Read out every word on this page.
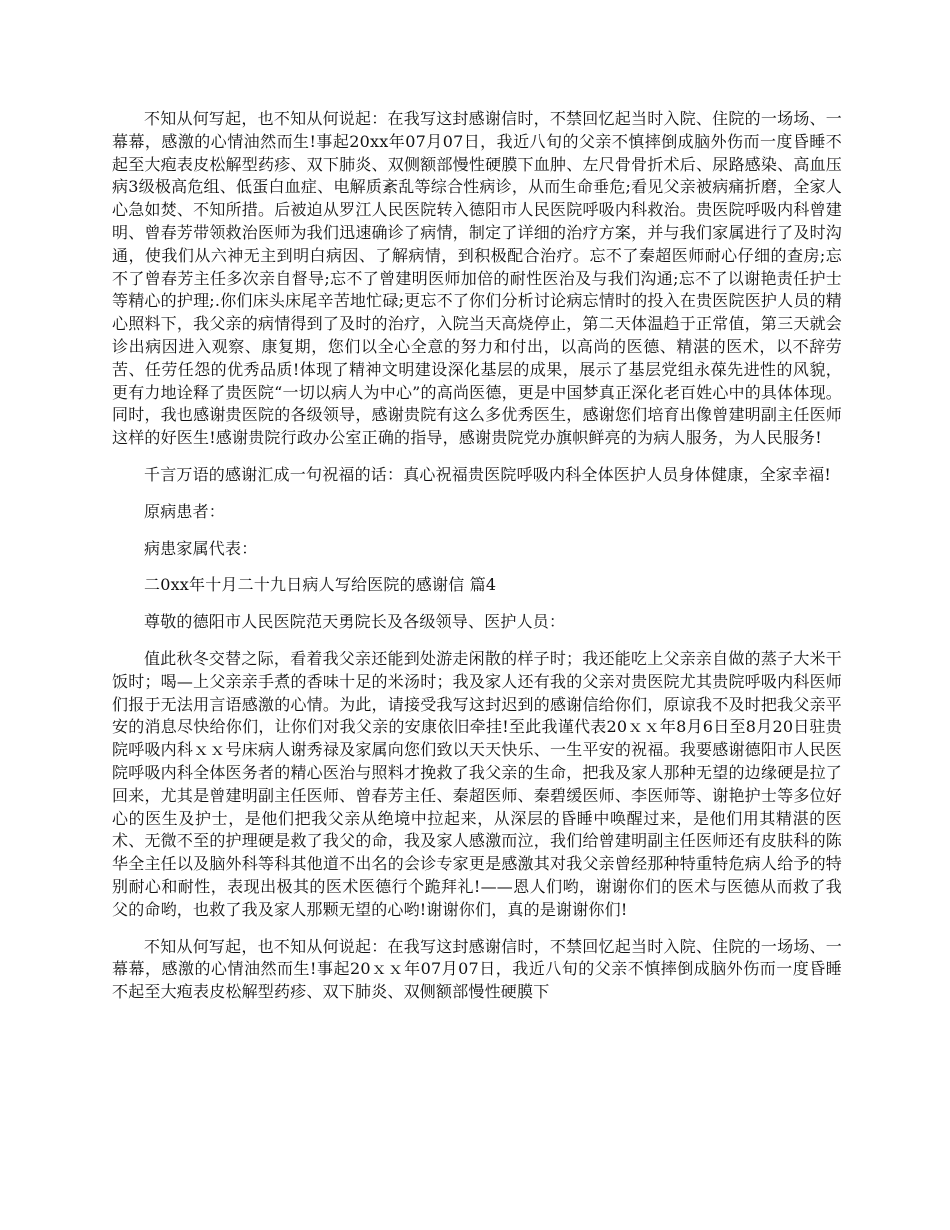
不知从何写起，也不知从何说起：在我写这封感谢信时，不禁回忆起当时入院、住院的一场场、一幕幕，感激的心情油然而生!事起20xx年07月07日，我近八旬的父亲不慎摔倒成脑外伤而一度昏睡不起至大疱表皮松解型药疹、双下肺炎、双侧额部慢性硬膜下血肿、左尺骨骨折术后、尿路感染、高血压病3级极高危组、低蛋白血症、电解质紊乱等综合性病诊，从而生命垂危;看见父亲被病痛折磨，全家人心急如焚、不知所措。后被迫从罗江人民医院转入德阳市人民医院呼吸内科救治。贵医院呼吸内科曾建明、曾春芳带领救治医师为我们迅速确诊了病情，制定了详细的治疗方案，并与我们家属进行了及时沟通，使我们从六神无主到明白病因、了解病情，到积极配合治疗。忘不了秦超医师耐心仔细的查房;忘不了曾春芳主任多次亲自督导;忘不了曾建明医师加倍的耐性医治及与我们沟通;忘不了以谢艳责任护士等精心的护理;.你们床头床尾辛苦地忙碌;更忘不了你们分析讨论病忘情时的投入在贵医院医护人员的精心照料下，我父亲的病情得到了及时的治疗，入院当天高烧停止，第二天体温趋于正常值，第三天就会诊出病因进入观察、康复期，您们以全心全意的努力和付出，以高尚的医德、精湛的医术，以不辞劳苦、任劳任怨的优秀品质!体现了精神文明建设深化基层的成果，展示了基层党组永葆先进性的风貌，更有力地诠释了贵医院“一切以病人为中心”的高尚医德，更是中国梦真正深化老百姓心中的具体体现。同时，我也感谢贵医院的各级领导，感谢贵院有这么多优秀医生，感谢您们培育出像曾建明副主任医师这样的好医生!感谢贵院行政办公室正确的指导，感谢贵院党办旗帜鲜亮的为病人服务，为人民服务!

千言万语的感谢汇成一句祝福的话：真心祝福贵医院呼吸内科全体医护人员身体健康，全家幸福!

原病患者：

病患家属代表：

二0xx年十月二十九日病人写给医院的感谢信 篇4

尊敬的德阳市人民医院范天勇院长及各级领导、医护人员：

值此秋冬交替之际，看着我父亲还能到处游走闲散的样子时；我还能吃上父亲亲自做的蒸子大米干饭时；喝—上父亲亲手煮的香味十足的米汤时；我及家人还有我的父亲对贵医院尤其贵院呼吸内科医师们报于无法用言语感激的心情。为此，请接受我写这封迟到的感谢信给你们，原谅我不及时把我父亲平安的消息尽快给你们，让你们对我父亲的安康依旧牵挂!至此我谨代表20ｘｘ年8月6日至8月20日驻贵院呼吸内科ｘｘ号床病人谢秀禄及家属向您们致以天天快乐、一生平安的祝福。我要感谢德阳市人民医院呼吸内科全体医务者的精心医治与照料才挽救了我父亲的生命，把我及家人那种无望的边缘硬是拉了回来，尤其是曾建明副主任医师、曾春芳主任、秦超医师、秦碧缓医师、李医师等、谢艳护士等多位好心的医生及护士，是他们把我父亲从绝境中拉起来，从深层的昏睡中唤醒过来，是他们用其精湛的医术、无微不至的护理硬是救了我父的命，我及家人感激而泣，我们给曾建明副主任医师还有皮肤科的陈华全主任以及脑外科等科其他道不出名的会诊专家更是感激其对我父亲曾经那种特重特危病人给予的特别耐心和耐性，表现出极其的医术医德行个跪拜礼!——恩人们哟，谢谢你们的医术与医德从而救了我父的命哟，也救了我及家人那颗无望的心哟!谢谢你们，真的是谢谢你们!

不知从何写起，也不知从何说起：在我写这封感谢信时，不禁回忆起当时入院、住院的一场场、一幕幕，感激的心情油然而生!事起20ｘｘ年07月07日，我近八旬的父亲不慎摔倒成脑外伤而一度昏睡不起至大疱表皮松解型药疹、双下肺炎、双侧额部慢性硬膜下
